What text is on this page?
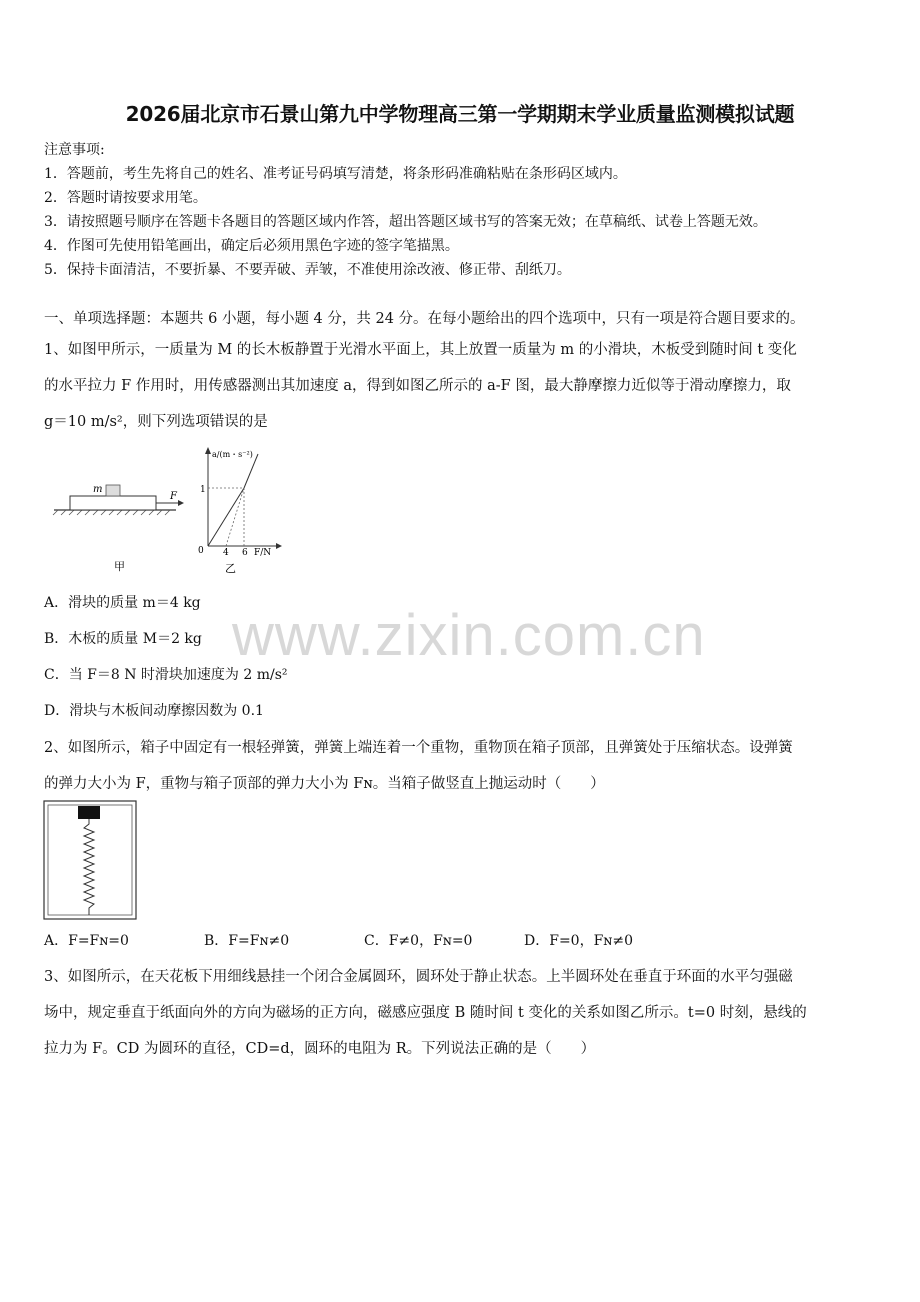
2026届北京市石景山第九中学物理高三第一学期期末学业质量监测模拟试题
注意事项:
1．答题前，考生先将自己的姓名、准考证号码填写清楚，将条形码准确粘贴在条形码区域内。
2．答题时请按要求用笔。
3．请按照题号顺序在答题卡各题目的答题区域内作答，超出答题区域书写的答案无效；在草稿纸、试卷上答题无效。
4．作图可先使用铅笔画出，确定后必须用黑色字迹的签字笔描黑。
5．保持卡面清洁，不要折暴、不要弄破、弄皱，不准使用涂改液、修正带、刮纸刀。
一、单项选择题：本题共 6 小题，每小题 4 分，共 24 分。在每小题给出的四个选项中，只有一项是符合题目要求的。
1、如图甲所示，一质量为 M 的长木板静置于光滑水平面上，其上放置一质量为 m 的小滑块，木板受到随时间 t 变化
的水平拉力 F 作用时，用传感器测出其加速度 a，得到如图乙所示的 a-F 图，最大静摩擦力近似等于滑动摩擦力，取
g＝10 m/s²，则下列选项错误的是
m
F
甲
a/(m・s⁻²)
F/N
0
1
4 6
乙
A．滑块的质量 m＝4 kg
B．木板的质量 M＝2 kg
C．当 F＝8 N 时滑块加速度为 2 m/s²
D．滑块与木板间动摩擦因数为 0.1
www.zixin.com.cn
2、如图所示，箱子中固定有一根轻弹簧，弹簧上端连着一个重物，重物顶在箱子顶部，且弹簧处于压缩状态。设弹簧
的弹力大小为 F，重物与箱子顶部的弹力大小为 Fɴ。当箱子做竖直上抛运动时（　　）
A．F=Fɴ=0	B．F=Fɴ≠0	C．F≠0，Fɴ=0	D．F=0，Fɴ≠0
3、如图所示，在天花板下用细线悬挂一个闭合金属圆环，圆环处于静止状态。上半圆环处在垂直于环面的水平匀强磁
场中，规定垂直于纸面向外的方向为磁场的正方向，磁感应强度 B 随时间 t 变化的关系如图乙所示。t=0 时刻，悬线的
拉力为 F。CD 为圆环的直径，CD=d，圆环的电阻为 R。下列说法正确的是（　　）
